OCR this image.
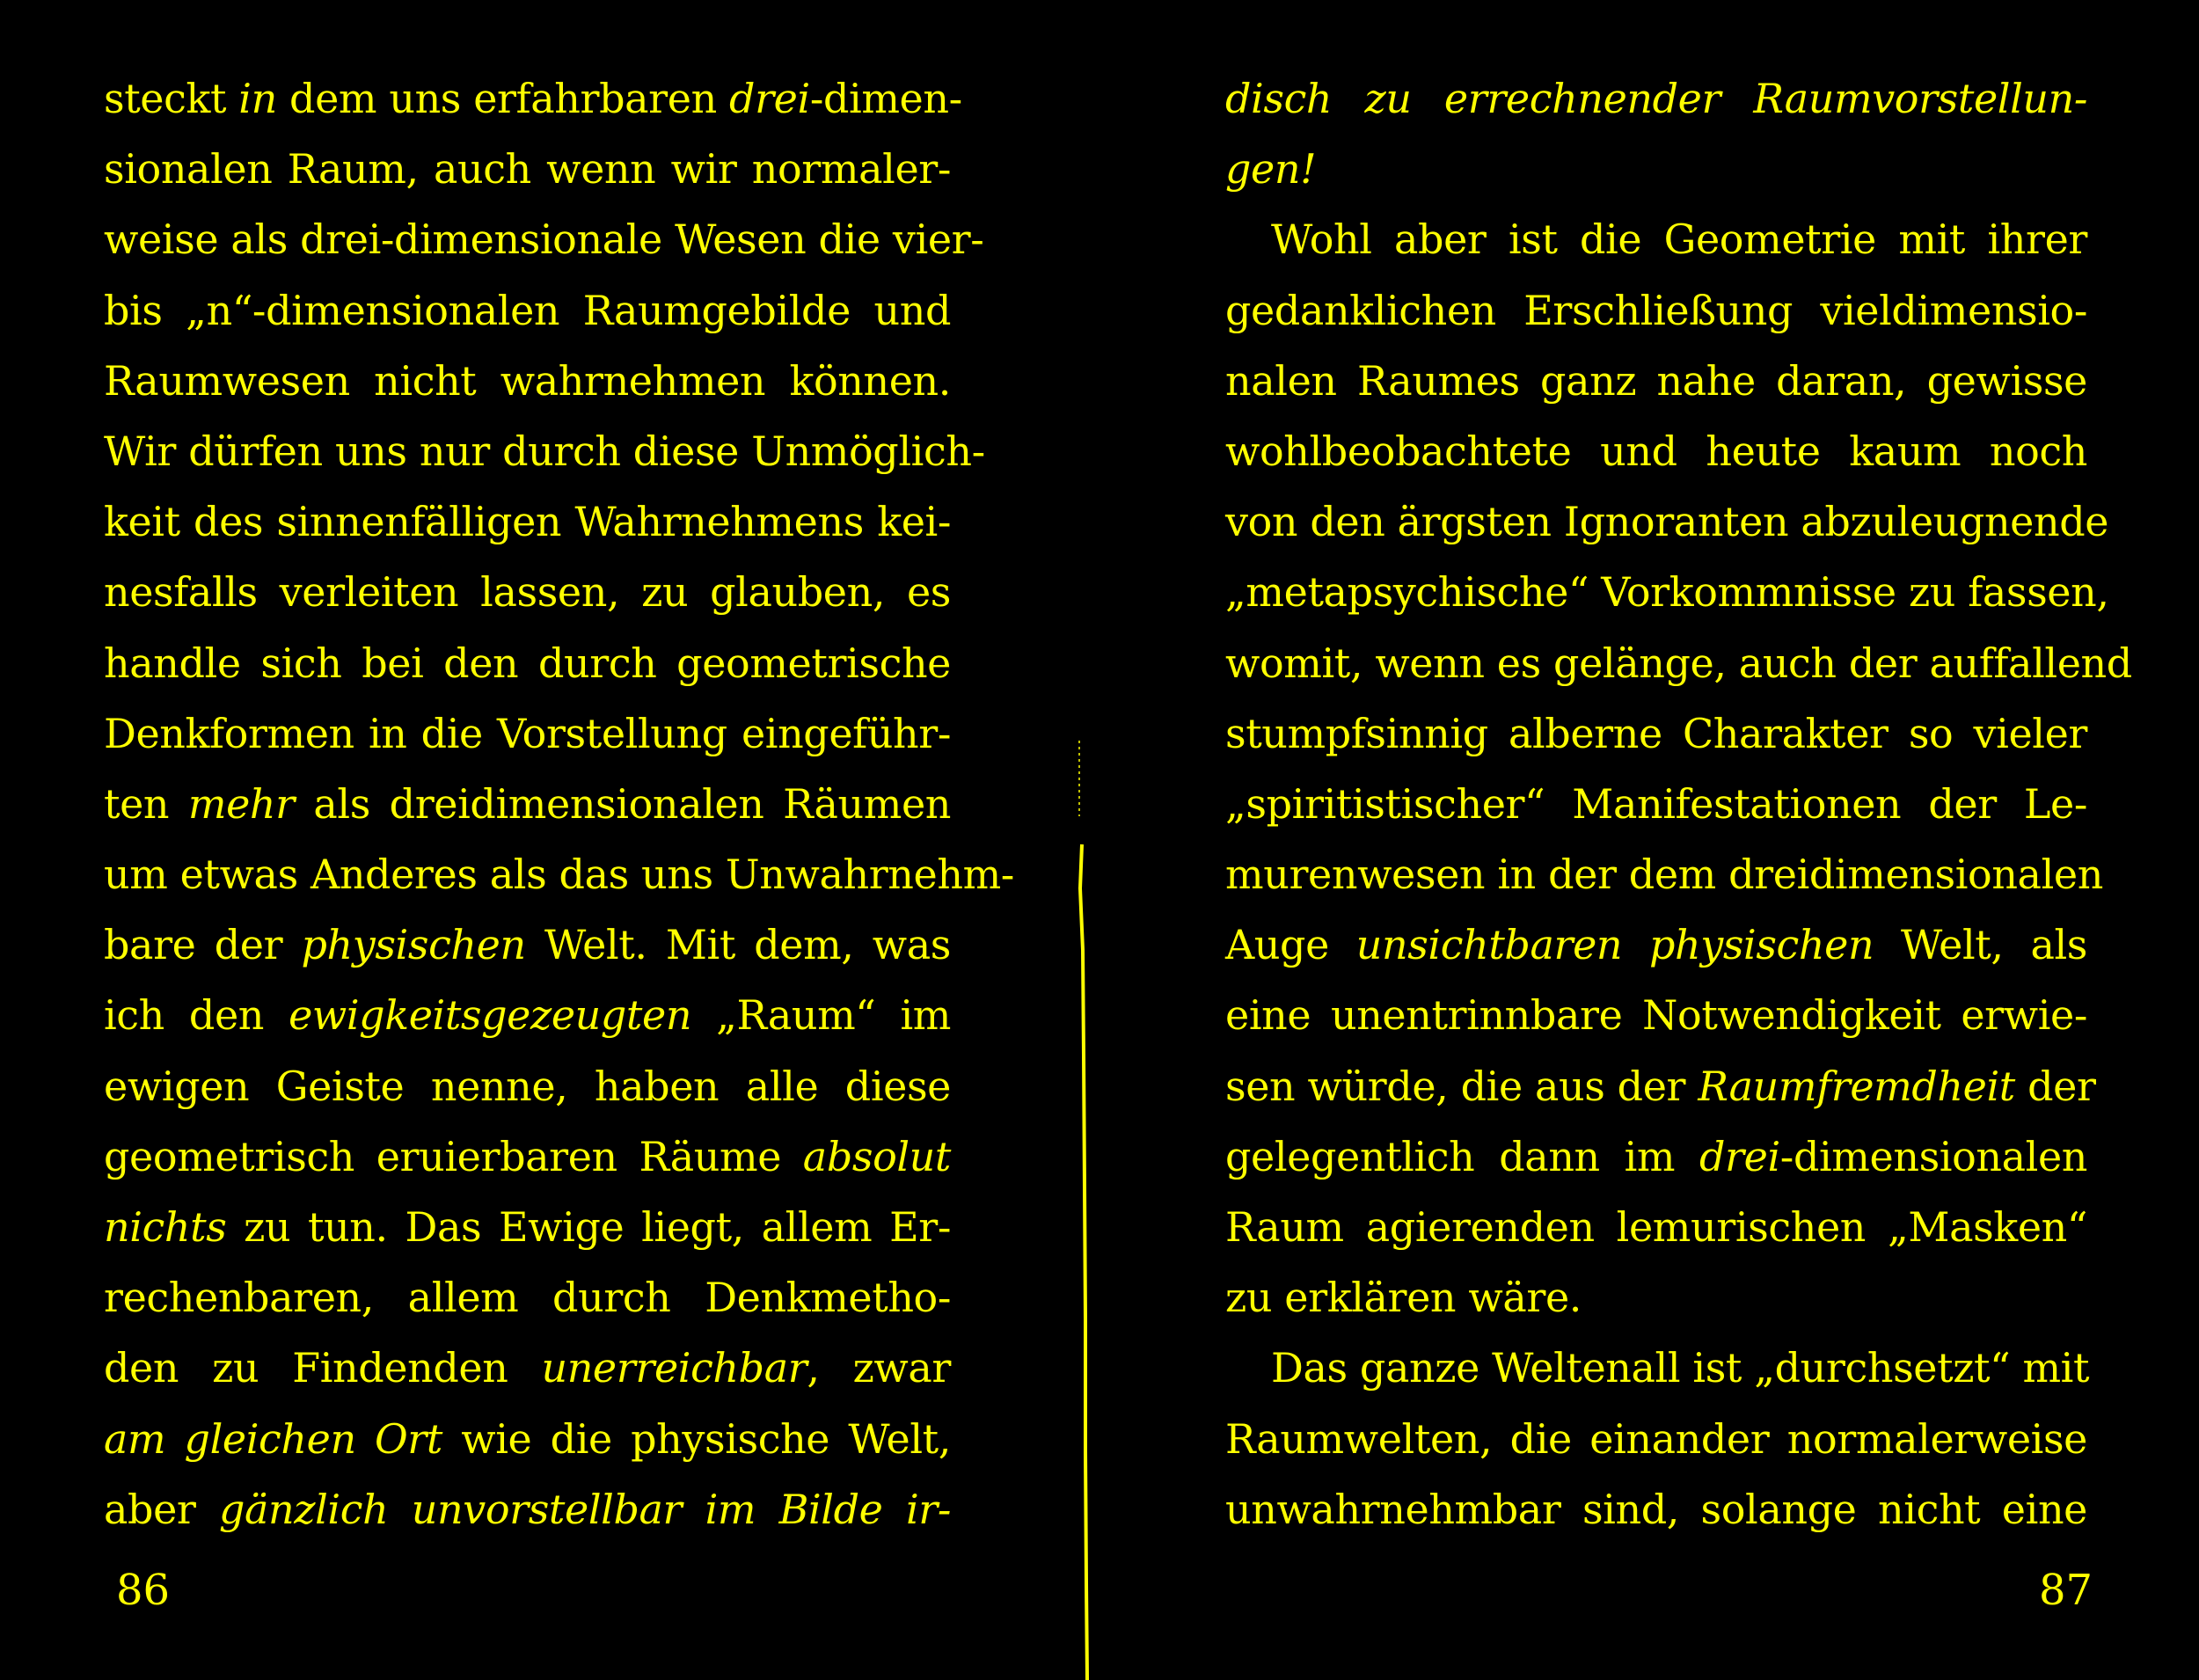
steckt in dem uns erfahrbaren drei-dimen-
sionalen Raum, auch wenn wir normaler-
weise als drei-dimensionale Wesen die vier-
bis „n“-dimensionalen Raumgebilde und
Raumwesen nicht wahrnehmen können.
Wir dürfen uns nur durch diese Unmöglich-
keit des sinnenfälligen Wahrnehmens kei-
nesfalls verleiten lassen, zu glauben, es
handle sich bei den durch geometrische
Denkformen in die Vorstellung eingeführ-
ten mehr als dreidimensionalen Räumen
um etwas Anderes als das uns Unwahrnehm-
bare der physischen Welt. Mit dem, was
ich den ewigkeitsgezeugten „Raum“ im
ewigen Geiste nenne, haben alle diese
geometrisch eruierbaren Räume absolut
nichts zu tun. Das Ewige liegt, allem Er-
rechenbaren, allem durch Denkmetho-
den zu Findenden unerreichbar, zwar
am gleichen Ort wie die physische Welt,
aber gänzlich unvorstellbar im Bilde ir-
disch zu errechnender Raumvorstellun-
gen!
Wohl aber ist die Geometrie mit ihrer
gedanklichen Erschließung vieldimensio-
nalen Raumes ganz nahe daran, gewisse
wohlbeobachtete und heute kaum noch
von den ärgsten Ignoranten abzuleugnende
„metapsychische“ Vorkommnisse zu fassen,
womit, wenn es gelänge, auch der auffallend
stumpfsinnig alberne Charakter so vieler
„spiritistischer“ Manifestationen der Le-
murenwesen in der dem dreidimensionalen
Auge unsichtbaren physischen Welt, als
eine unentrinnbare Notwendigkeit erwie-
sen würde, die aus der Raumfremdheit der
gelegentlich dann im drei-dimensionalen
Raum agierenden lemurischen „Masken“
zu erklären wäre.
Das ganze Weltenall ist „durchsetzt“ mit
Raumwelten, die einander normalerweise
unwahrnehmbar sind, solange nicht eine
86	87
